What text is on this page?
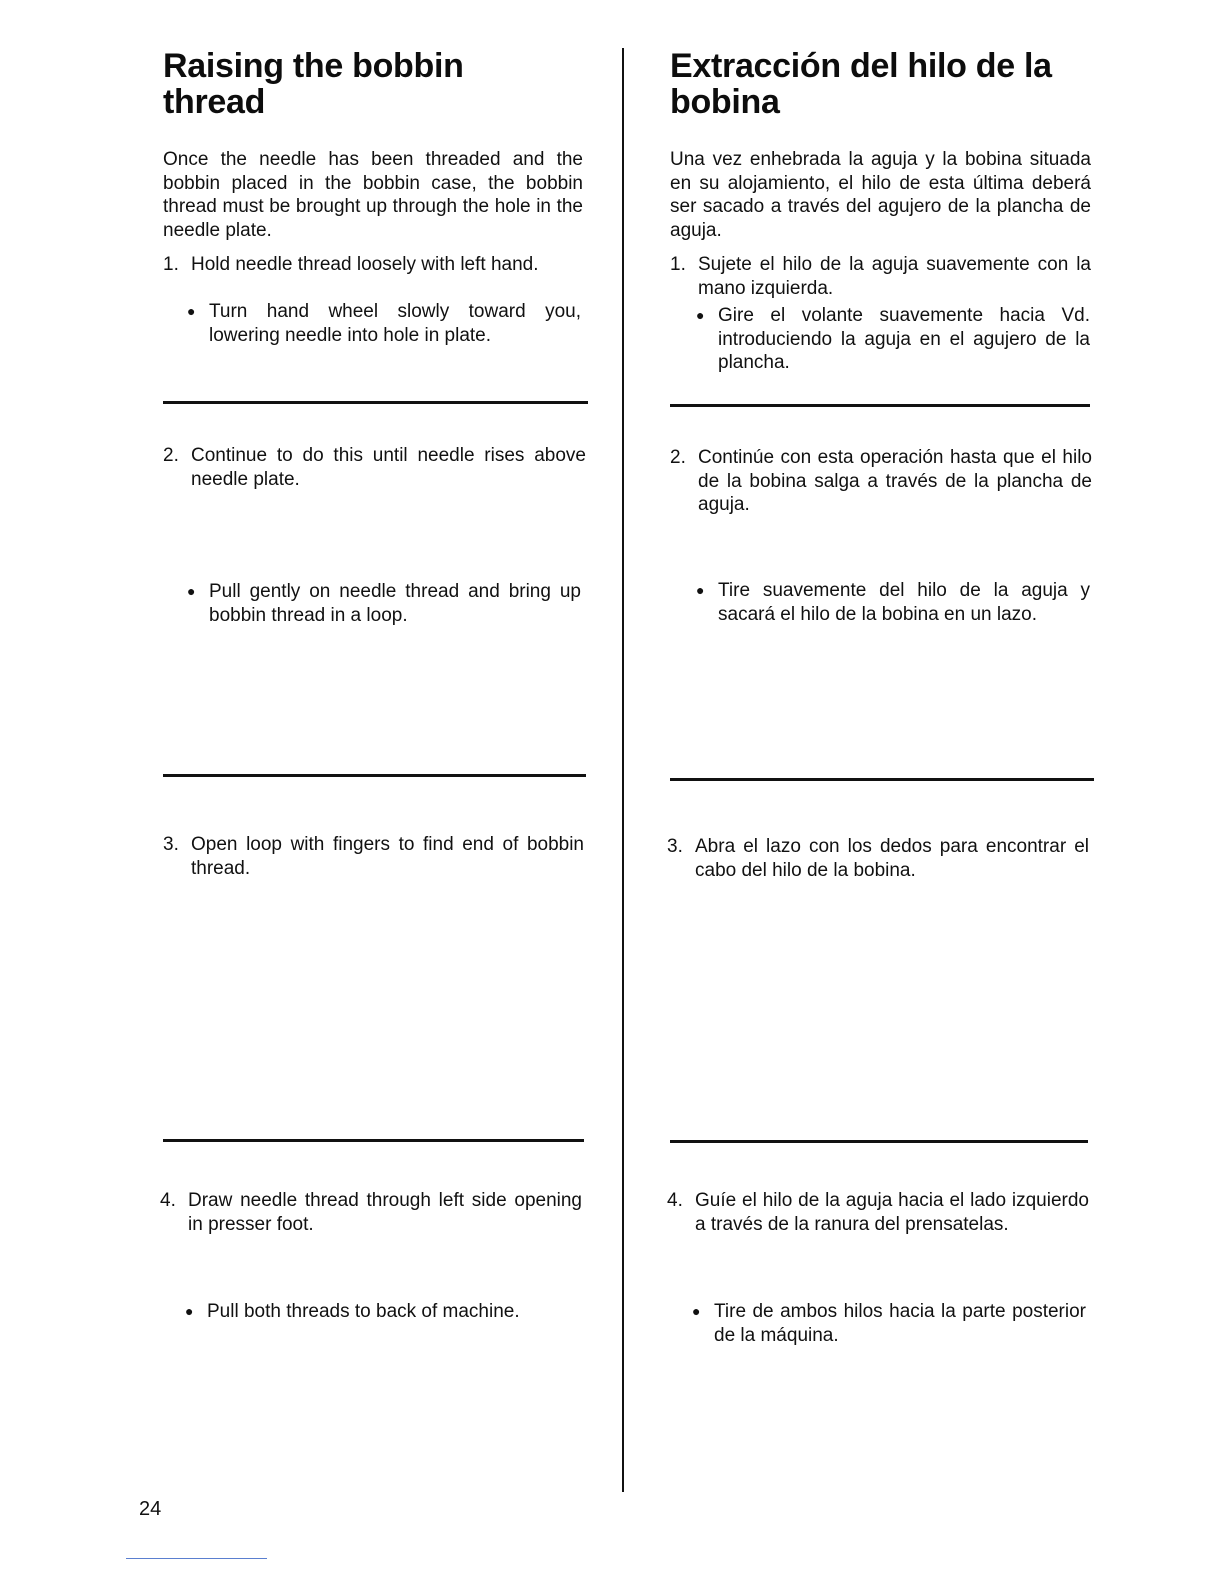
Raising the bobbin
thread

Once the needle has been threaded and the bobbin placed in the bobbin case, the bobbin thread must be brought up through the hole in the needle plate.

1. Hold needle thread loosely with left hand.
● Turn hand wheel slowly toward you, lowering needle into hole in plate.
2. Continue to do this until needle rises above needle plate.
● Pull gently on needle thread and bring up bobbin thread in a loop.
3. Open loop with fingers to find end of bobbin thread.
4. Draw needle thread through left side opening in presser foot.
● Pull both threads to back of machine.
Extracción del hilo de la
bobina

Una vez enhebrada la aguja y la bobina situada en su alojamiento, el hilo de esta última deberá ser sacado a través del agujero de la plancha de aguja.

1. Sujete el hilo de la aguja suavemente con la mano izquierda.
● Gire el volante suavemente hacia Vd. introduciendo la aguja en el agujero de la plancha.
2. Continúe con esta operación hasta que el hilo de la bobina salga a través de la plancha de aguja.
● Tire suavemente del hilo de la aguja y sacará el hilo de la bobina en un lazo.
3. Abra el lazo con los dedos para encontrar el cabo del hilo de la bobina.
4. Guíe el hilo de la aguja hacia el lado izquierdo a través de la ranura del prensatelas.
● Tire de ambos hilos hacia la parte posterior de la máquina.
24
